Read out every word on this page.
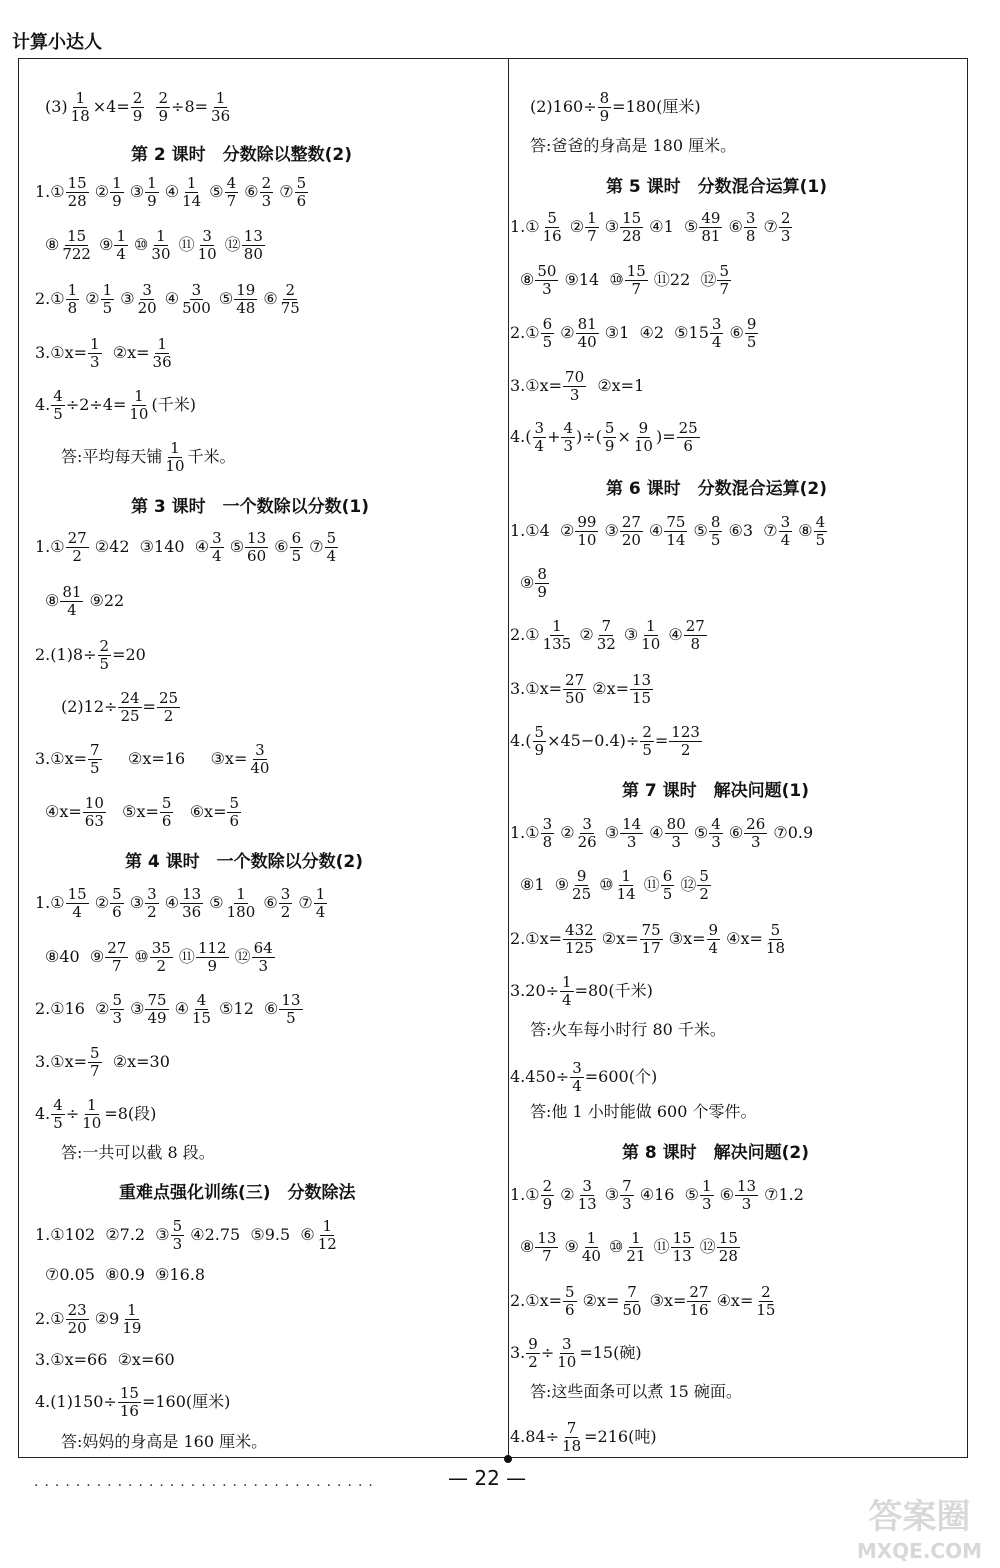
计算小达人
·································	— 22 —
答案圈
MXQE.COM
$(3) \frac{1}{18} \times 4= \frac{2}{9}$
$\frac{2}{9} \div 8= \frac{1}{36}$
第 2 课时　分数除以整数(2)
1.① $\frac{15}{28}$ ② $\frac{1}{9}$ ③ $\frac{1}{9}$ ④ $\frac{1}{14}$ ⑤ $\frac{4}{7}$ ⑥ $\frac{2}{3}$ ⑦ $\frac{5}{6}$
⑧ $\frac{15}{722}$ ⑨ $\frac{1}{4}$ ⑩ $\frac{1}{30}$ ⑪ $\frac{3}{10}$ ⑫ $\frac{13}{80}$
2.① $\frac{1}{8}$ ② $\frac{1}{5}$ ③ $\frac{3}{20}$ ④ $\frac{3}{500}$ ⑤ $\frac{19}{48}$ ⑥ $\frac{2}{75}$
3.①x= $\frac{1}{3}$ ②x= $\frac{1}{36}$
4. $\frac{4}{5} \div 2\div 4= \frac{1}{10}$ (千米)
答:平均每天铺 $\frac{1}{10}$ 千米。
第 3 课时　一个数除以分数(1)
1.① $\frac{27}{2}$ ②42  ③140  ④ $\frac{3}{4}$ ⑤ $\frac{13}{60}$ ⑥ $\frac{6}{5}$ ⑦ $\frac{5}{4}$
⑧ $\frac{81}{4}$ ⑨22
$2.(1)8\div \frac{2}{5} =20$
$(2)12\div \frac{24}{25} = \frac{25}{2}$
3.①x= $\frac{7}{5}$ ②x=16     ③x= $\frac{3}{40}$
④x= $\frac{10}{63}$ ⑤x= $\frac{5}{6}$ ⑥x= $\frac{5}{6}$
第 4 课时　一个数除以分数(2)
1.① $\frac{15}{4}$ ② $\frac{5}{6}$ ③ $\frac{3}{2}$ ④ $\frac{13}{36}$ ⑤ $\frac{1}{180}$ ⑥ $\frac{3}{2}$ ⑦ $\frac{1}{4}$
⑧40  ⑨ $\frac{27}{7}$ ⑩ $\frac{35}{2}$ ⑪ $\frac{112}{9}$ ⑫ $\frac{64}{3}$
2.①16  ② $\frac{5}{3}$ ③ $\frac{75}{49}$ ④ $\frac{4}{15}$ ⑤12  ⑥ $\frac{13}{5}$
3.①x= $\frac{5}{7}$ ②x=30
4. $\frac{4}{5} \div \frac{1}{10} =8$(段)
答:一共可以截 8 段。
重难点强化训练(三)　分数除法
1.①102  ②7.2  ③ $\frac{5}{3}$ ④2.75  ⑤9.5  ⑥ $\frac{1}{12}$
⑦0.05  ⑧0.9  ⑨16.8
2.① $\frac{23}{20}$ ②9 $\frac{1}{19}$
3.①x=66  ②x=60
$4.(1)150\div \frac{15}{16} =160$(厘米)
答:妈妈的身高是 160 厘米。
$(2)160\div \frac{8}{9} =180$(厘米)
答:爸爸的身高是 180 厘米。
第 5 课时　分数混合运算(1)
1.① $\frac{5}{16}$ ② $\frac{1}{7}$ ③ $\frac{15}{28}$ ④1  ⑤ $\frac{49}{81}$ ⑥ $\frac{3}{8}$ ⑦ $\frac{2}{3}$
⑧ $\frac{50}{3}$ ⑨14  ⑩ $\frac{15}{7}$ ⑪22  ⑫ $\frac{5}{7}$
2.① $\frac{6}{5}$ ② $\frac{81}{40}$ ③1  ④2  ⑤15 $\frac{3}{4}$ ⑥ $\frac{9}{5}$
3.①x= $\frac{70}{3}$ ②x=1
$4.( \frac{3}{4} + \frac{4}{3}$ )÷( $\frac{5}{9} \times \frac{9}{10}$ )= $\frac{25}{6}$
第 6 课时　分数混合运算(2)
1.①4  ② $\frac{99}{10}$ ③ $\frac{27}{20}$ ④ $\frac{75}{14}$ ⑤ $\frac{8}{5}$ ⑥3  ⑦ $\frac{3}{4}$ ⑧ $\frac{4}{5}$
⑨ $\frac{8}{9}$
2.① $\frac{1}{135}$ ② $\frac{7}{32}$ ③ $\frac{1}{10}$ ④ $\frac{27}{8}$
3.①x= $\frac{27}{50}$ ②x= $\frac{13}{15}$
$4.( \frac{5}{9} \times 45-0.4)\div \frac{2}{5} = \frac{123}{2}$
第 7 课时　解决问题(1)
1.① $\frac{3}{8}$ ② $\frac{3}{26}$ ③ $\frac{14}{3}$ ④ $\frac{80}{3}$ ⑤ $\frac{4}{3}$ ⑥ $\frac{26}{3}$ ⑦0.9
⑧1  ⑨ $\frac{9}{25}$ ⑩ $\frac{1}{14}$ ⑪ $\frac{6}{5}$ ⑫ $\frac{5}{2}$
2.①x= $\frac{432}{125}$ ②x= $\frac{75}{17}$ ③x= $\frac{9}{4}$ ④x= $\frac{5}{18}$
$3.20\div \frac{1}{4} =80$(千米)
答:火车每小时行 80 千米。
$4.450\div \frac{3}{4} =600$(个)
答:他 1 小时能做 600 个零件。
第 8 课时　解决问题(2)
1.① $\frac{2}{9}$ ② $\frac{3}{13}$ ③ $\frac{7}{3}$ ④16  ⑤ $\frac{1}{3}$ ⑥ $\frac{13}{3}$ ⑦1.2
⑧ $\frac{13}{7}$ ⑨ $\frac{1}{40}$ ⑩ $\frac{1}{21}$ ⑪ $\frac{15}{13}$ ⑫ $\frac{15}{28}$
2.①x= $\frac{5}{6}$ ②x= $\frac{7}{50}$ ③x= $\frac{27}{16}$ ④x= $\frac{2}{15}$
3. $\frac{9}{2} \div \frac{3}{10} =15$(碗)
答:这些面条可以煮 15 碗面。
$4.84\div \frac{7}{18} =216$(吨)
